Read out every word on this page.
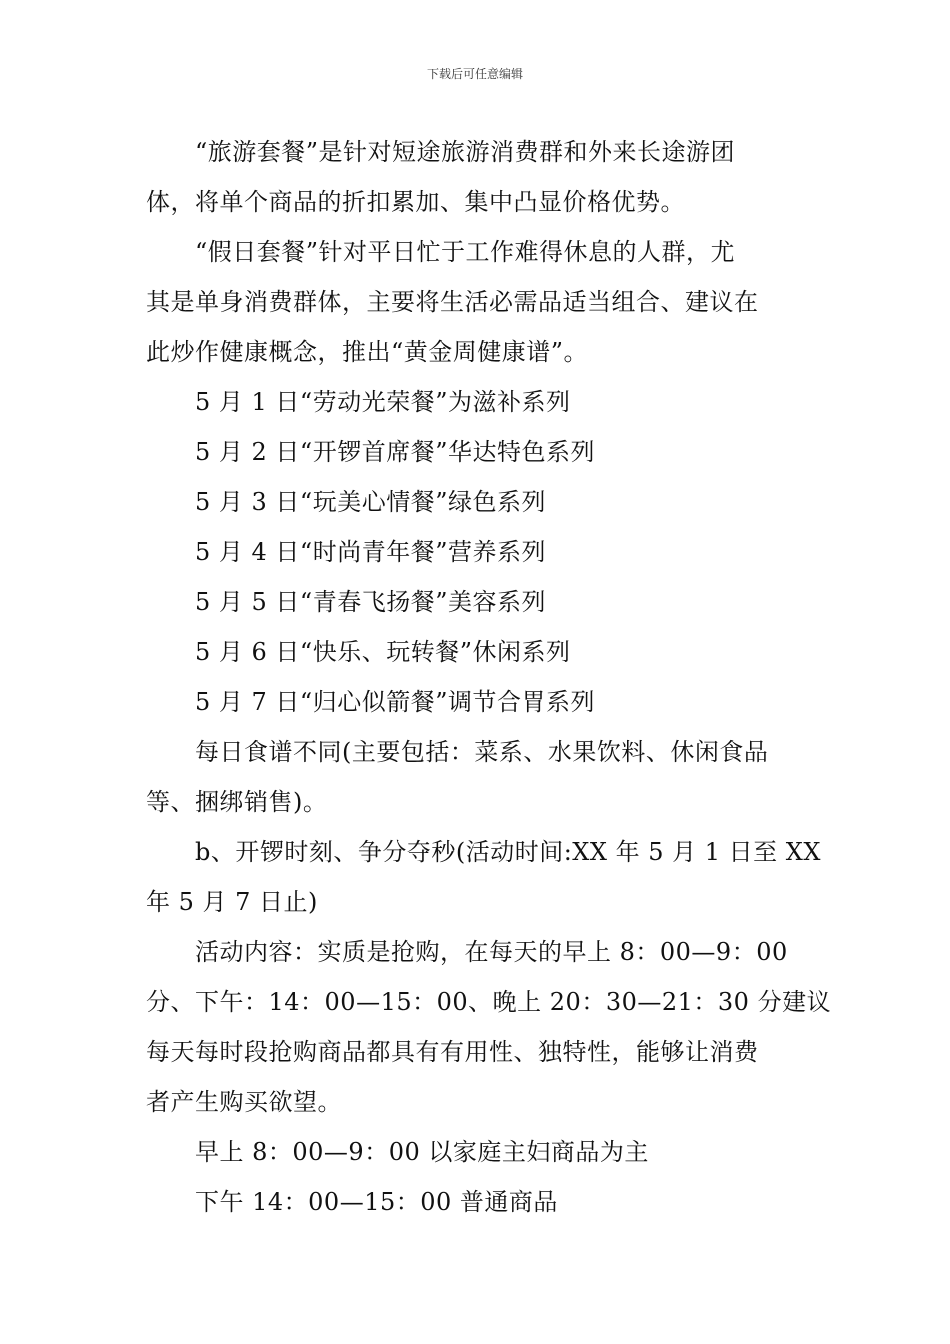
下载后可任意编辑
“旅游套餐”是针对短途旅游消费群和外来长途游团
体，将单个商品的折扣累加、集中凸显价格优势。
“假日套餐”针对平日忙于工作难得休息的人群，尤
其是单身消费群体，主要将生活必需品适当组合、建议在
此炒作健康概念，推出“黄金周健康谱”。
5 月 1 日“劳动光荣餐”为滋补系列
5 月 2 日“开锣首席餐”华达特色系列
5 月 3 日“玩美心情餐”绿色系列
5 月 4 日“时尚青年餐”营养系列
5 月 5 日“青春飞扬餐”美容系列
5 月 6 日“快乐、玩转餐”休闲系列
5 月 7 日“归心似箭餐”调节合胃系列
每日食谱不同(主要包括：菜系、水果饮料、休闲食品
等、捆绑销售)。
b、开锣时刻、争分夺秒(活动时间:XX 年 5 月 1 日至 XX
年 5 月 7 日止)
活动内容：实质是抢购，在每天的早上 8：00—9：00
分、下午：14：00—15：00、晚上 20：30—21：30 分建议
每天每时段抢购商品都具有有用性、独特性，能够让消费
者产生购买欲望。
早上 8：00—9：00 以家庭主妇商品为主
下午 14：00—15：00 普通商品
